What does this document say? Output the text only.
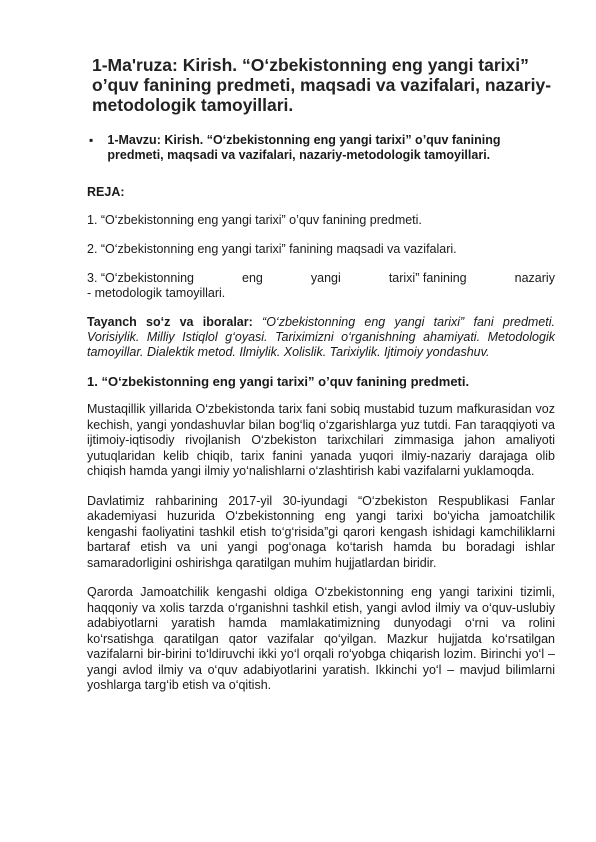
1-Ma'ruza: Kirish. “O‘zbekistonning eng yangi tarixi” o’quv fanining predmeti, maqsadi va vazifalari, nazariy-metodologik tamoyillari.
▪	1-Mavzu: Kirish. “O‘zbekistonning eng yangi tarixi” o’quv fanining predmeti, maqsadi va vazifalari, nazariy-metodologik tamoyillari.
REJA:
1. “O‘zbekistonning eng yangi tarixi” o’quv fanining predmeti.
2. “O‘zbekistonning eng yangi tarixi” fanining maqsadi va vazifalari.
3. “O‘zbekistonning	eng	yangi	tarixi” fanining	nazariy
- metodologik tamoyillari.

Tayanch so‘z va iboralar: “O‘zbekistonning eng yangi tarixi” fani predmeti. Vorisiylik. Milliy Istiqlol g‘oyasi. Tariximizni o‘rganishning ahamiyati. Metodologik tamoyillar. Dialektik metod. Ilmiylik. Xolislik. Tarixiylik. Ijtimoiy yondashuv.

1. “O‘zbekistonning eng yangi tarixi” o’quv fanining predmeti.

Mustaqillik yillarida O‘zbekistonda tarix fani sobiq mustabid tuzum mafkurasidan voz kechish, yangi yondashuvlar bilan bog‘liq o‘zgarishlarga yuz tutdi. Fan taraqqiyoti va ijtimoiy-iqtisodiy rivojlanish O‘zbekiston tarixchilari zimmasiga jahon amaliyoti yutuqlaridan kelib chiqib, tarix fanini yanada yuqori ilmiy-nazariy darajaga olib chiqish hamda yangi ilmiy yo‘nalishlarni o‘zlashtirish kabi vazifalarni yuklamoqda.

Davlatimiz rahbarining 2017-yil 30-iyundagi “O‘zbekiston Respublikasi Fanlar akademiyasi huzurida O‘zbekistonning eng yangi tarixi bo‘yicha jamoatchilik kengashi faoliyatini tashkil etish to‘g‘risida”gi qarori kengash ishidagi kamchiliklarni bartaraf etish va uni yangi pog‘onaga ko‘tarish hamda bu boradagi ishlar samaradorligini oshirishga qaratilgan muhim hujjatlardan biridir.

Qarorda Jamoatchilik kengashi oldiga O‘zbekistonning eng yangi tarixini tizimli, haqqoniy va xolis tarzda o‘rganishni tashkil etish, yangi avlod ilmiy va o‘quv-uslubiy adabiyotlarni yaratish hamda mamlakatimizning dunyodagi o‘rni va rolini ko‘rsatishga qaratilgan qator vazifalar qo‘yilgan. Mazkur hujjatda ko‘rsatilgan vazifalarni bir-birini to‘ldiruvchi ikki yo‘l orqali ro‘yobga chiqarish lozim. Birinchi yo‘l – yangi avlod ilmiy va o‘quv adabiyotlarini yaratish. Ikkinchi yo‘l – mavjud bilimlarni yoshlarga targ‘ib etish va o‘qitish.
